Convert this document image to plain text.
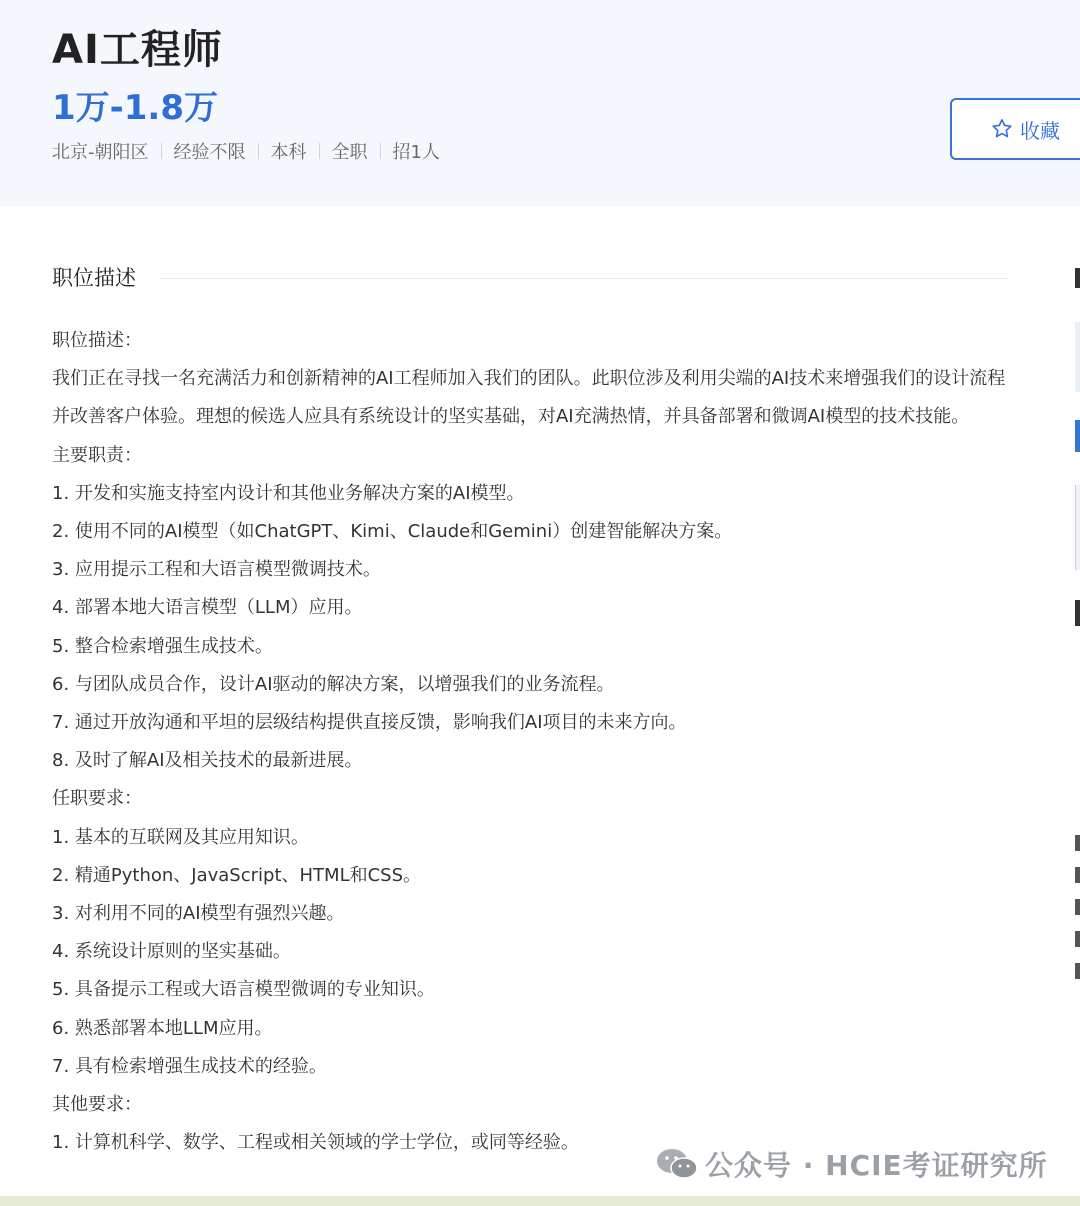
AI工程师
1万-1.8万
北京-朝阳区 经验不限 本科 全职 招1人
收藏
职位描述
职位描述：
我们正在寻找一名充满活力和创新精神的AI工程师加入我们的团队。此职位涉及利用尖端的AI技术来增强我们的设计流程并改善客户体验。理想的候选人应具有系统设计的坚实基础，对AI充满热情，并具备部署和微调AI模型的技术技能。
主要职责：
1. 开发和实施支持室内设计和其他业务解决方案的AI模型。
2. 使用不同的AI模型（如ChatGPT、Kimi、Claude和Gemini）创建智能解决方案。
3. 应用提示工程和大语言模型微调技术。
4. 部署本地大语言模型（LLM）应用。
5. 整合检索增强生成技术。
6. 与团队成员合作，设计AI驱动的解决方案，以增强我们的业务流程。
7. 通过开放沟通和平坦的层级结构提供直接反馈，影响我们AI项目的未来方向。
8. 及时了解AI及相关技术的最新进展。
任职要求：
1. 基本的互联网及其应用知识。
2. 精通Python、JavaScript、HTML和CSS。
3. 对利用不同的AI模型有强烈兴趣。
4. 系统设计原则的坚实基础。
5. 具备提示工程或大语言模型微调的专业知识。
6. 熟悉部署本地LLM应用。
7. 具有检索增强生成技术的经验。
其他要求：
1. 计算机科学、数学、工程或相关领域的学士学位，或同等经验。
公众号 · HCIE考证研究所
